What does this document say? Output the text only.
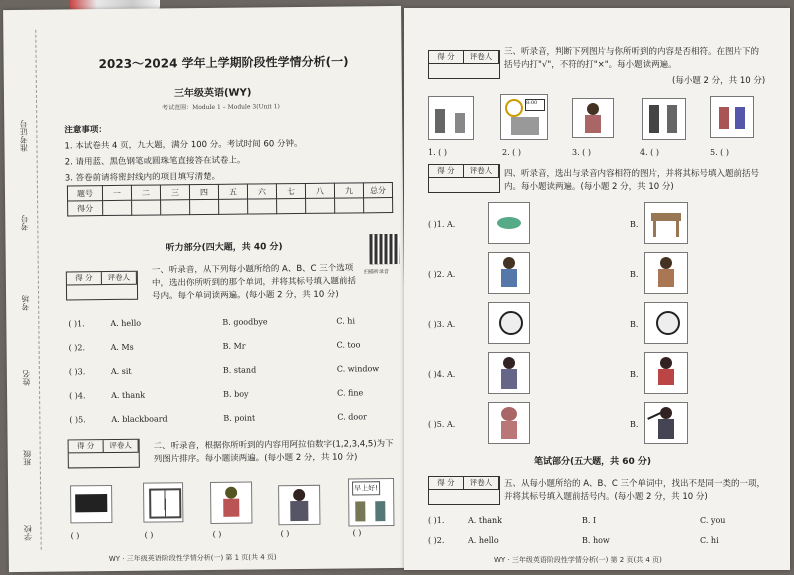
准考证号
考号
考场
姓名
班级
学校
2023～2024 学年上学期阶段性学情分析(一)
三年级英语(WY)
考试范围：Module 1 – Module 3(Unit 1)
注意事项：
1. 本试卷共 4 页，九大题，满分 100 分。考试时间 60 分钟。
2. 请用蓝、黑色钢笔或圆珠笔直接答在试卷上。
3. 答卷前请将密封线内的项目填写清楚。
题号	一	二	三	四	五	六	七	八	九	总分
得分										
听力部分(四大题，共 40 分)
扫描听录音
得 分 评卷人
一、听录音，从下列每小题所给的 A、B、C 三个选项中，选出你所听到的那个单词，并将其标号填入题前括号内。每个单词读两遍。(每小题 2 分，共 10 分)
( )1.	A. hello	B. goodbye	C. hi
( )2.	A. Ms	B. Mr	C. too
( )3.	A. sit	B. stand	C. window
( )4.	A. thank	B. boy	C. fine
( )5.	A. blackboard	B. point	C. door
得 分 评卷人	二、听录音，根据你所听到的内容用阿拉伯数字(1,2,3,4,5)为下列图片排序。每小题读两遍。(每小题 2 分，共 10 分)
早上好!
( )	( )	( )	( )	( )
WY · 三年级英语阶段性学情分析(一) 第 1 页(共 4 页)
得 分 评卷人	三、听录音，判断下列图片与你所听到的内容是否相符。在图片下的括号内打"√"，不符的打"×"。每小题读两遍。
(每小题 2 分，共 10 分)
8:00
1. ( )	2. ( )	3. ( )	4. ( )	5. ( )
得 分 评卷人	四、听录音，选出与录音内容相符的图片，并将其标号填入题前括号内。每小题读两遍。(每小题 2 分，共 10 分)
( )1. A.	B.
( )2. A.	B.
( )3. A.	B.
( )4. A.	B.
( )5. A.	B.
笔试部分(五大题，共 60 分)
得 分 评卷人	五、从每小题所给的 A、B、C 三个单词中，找出不是同一类的一项，并将其标号填入题前括号内。(每小题 2 分，共 10 分)
( )1.	A. thank	B. I	C. you
( )2.	A. hello	B. how	C. hi
WY · 三年级英语阶段性学情分析(一) 第 2 页(共 4 页)
